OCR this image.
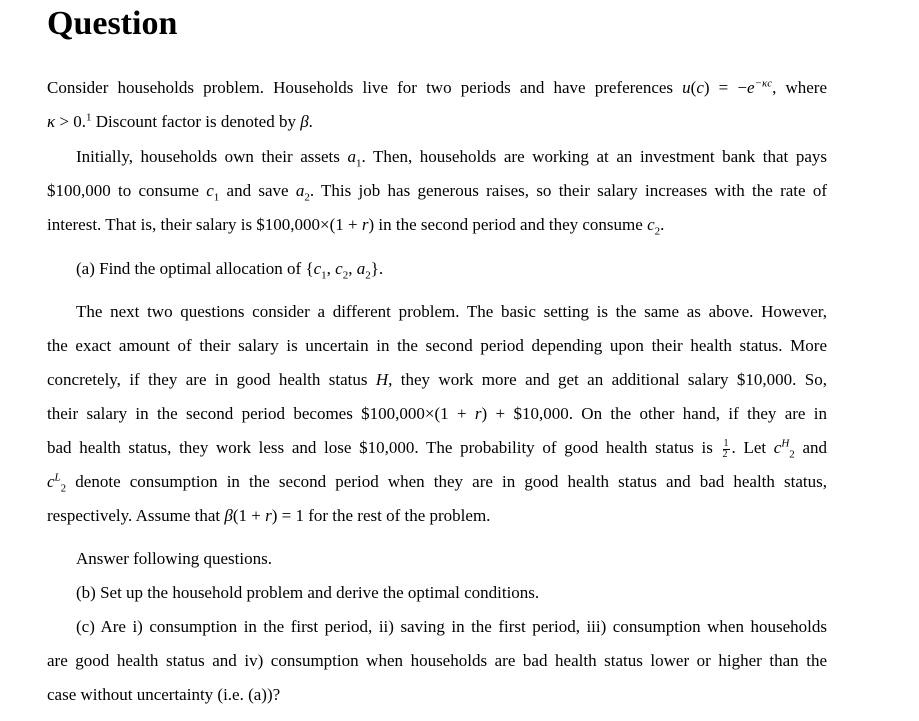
Question
Consider households problem. Households live for two periods and have preferences $u(c) = -e^{-\kappa c}$, where
κ > 0.$^1$ Discount factor is denoted by β.
Initially, households own their assets $a_1$. Then, households are working at an investment bank that pays
$100,000 to consume $c_1$ and save $a_2$. This job has generous raises, so their salary increases with the rate of
interest. That is, their salary is $100,000×(1 + r) in the second period and they consume $c_2$.

(a) Find the optimal allocation of {$c_1$, $c_2$, $a_2$}.

The next two questions consider a different problem. The basic setting is the same as above. However,
the exact amount of their salary is uncertain in the second period depending upon their health status. More
concretely, if they are in good health status H, they work more and get an additional salary $10,000. So,
their salary in the second period becomes $100,000×(1 + r) + $10,000. On the other hand, if they are in
bad health status, they work less and lose $10,000. The probability of good health status is $\frac{1}{2}$ . Let $c^H_2$ and
$c^L_2$ denote consumption in the second period when they are in good health status and bad health status,
respectively. Assume that β(1 + r) = 1 for the rest of the problem.

Answer following questions.

(b) Set up the household problem and derive the optimal conditions.

(c) Are i) consumption in the first period, ii) saving in the first period, iii) consumption when households
are good health status and iv) consumption when households are bad health status lower or higher than the
case without uncertainty (i.e. (a))?
